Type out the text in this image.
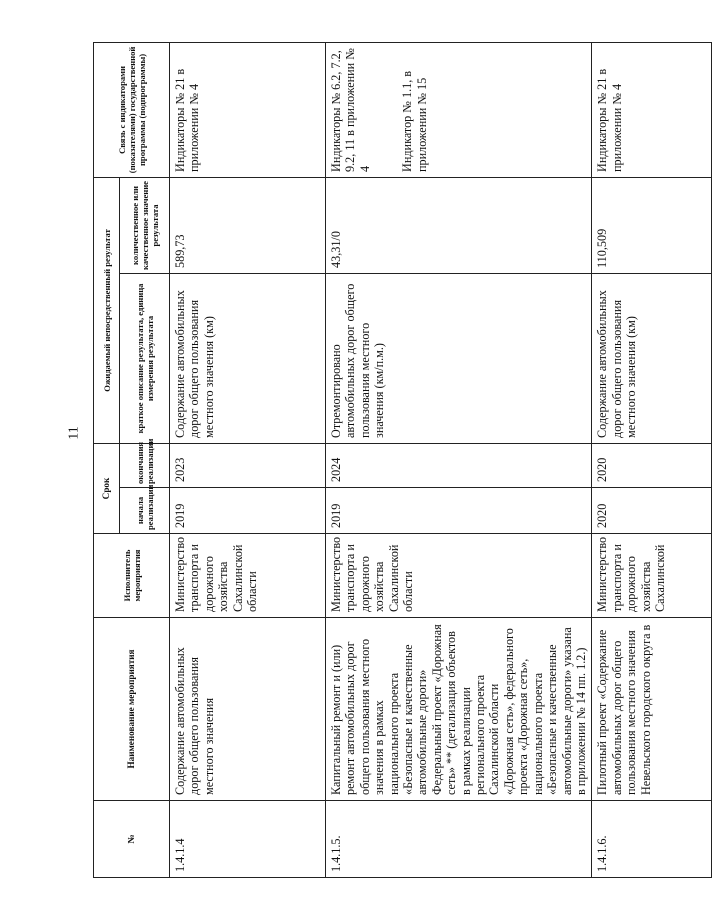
11
№	Наименование мероприятия	Исполнитель мероприятия	Срок		Ожидаемый непосредственный результат		Связь с индикаторами (показателями) государственной программы (подпрограммы)
			начала реализации	окончания реализации	краткое описание результата, единица измерения результата	количественное или качественное значение результата	
1.4.1.4	Содержание автомобильных дорог общего пользования местного значения	Министерство транспорта и дорожного хозяйства Сахалинской области	2019	2023	Содержание автомобильных дорог общего пользования местного значения (км)	589,73	Индикаторы № 21 в приложении № 4
1.4.1.5.	Капитальный ремонт и (или) ремонт автомобильных дорог общего пользования местного значения в рамках национального проекта «Безопасные и качественные автомобильные дороги» Федеральный проект «Дорожная сеть» ** (детализация объектов в рамках реализации регионального проекта Сахалинской области «Дорожная сеть», федерального проекта «Дорожная сеть», национального проекта «Безопасные и качественные автомобильные дороги» указана в приложении № 14 пп. 1.2.)	Министерство транспорта и дорожного хозяйства Сахалинской области	2019	2024	Отремонтировано автомобильных дорог общего пользования местного значения (км/п.м.)	43,31/0	Индикаторы № 6.2, 7.2, 9.2, 11 в приложении № 4 Индикатор № 1.1, в приложении № 15
1.4.1.6.	Пилотный проект «Содержание автомобильных дорог общего пользования местного значения Невельского городского округа в	Министерство транспорта и дорожного хозяйства Сахалинской	2020	2020	Содержание автомобильных дорог общего пользования местного значения (км)	110,509	Индикаторы № 21 в приложении № 4
